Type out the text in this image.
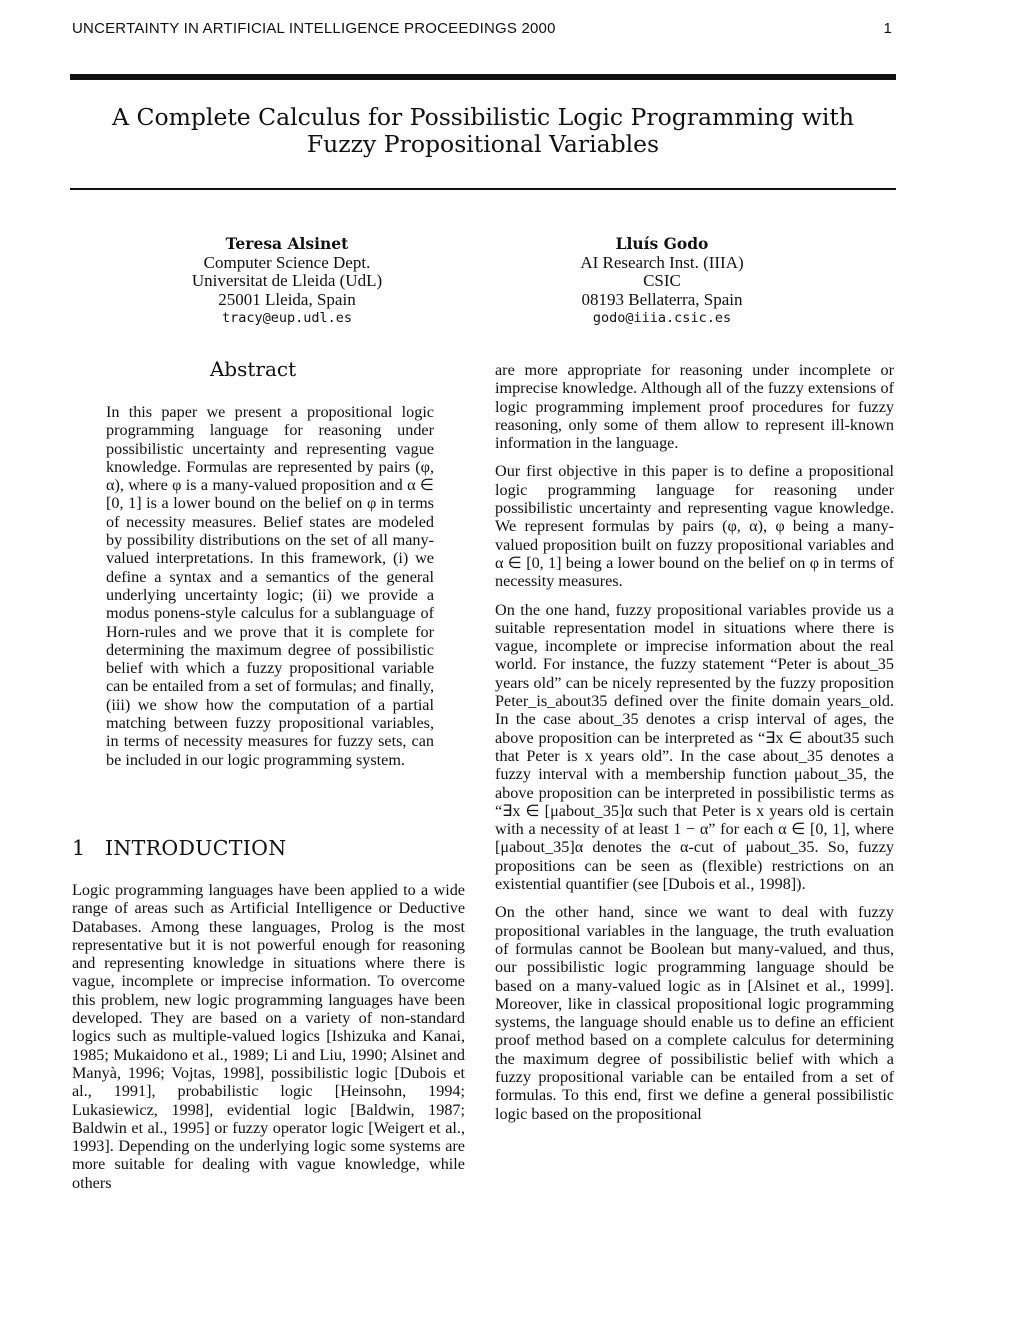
UNCERTAINTY IN ARTIFICIAL INTELLIGENCE PROCEEDINGS 2000	1
A Complete Calculus for Possibilistic Logic Programming with
Fuzzy Propositional Variables
Teresa Alsinet
Computer Science Dept.
Universitat de Lleida (UdL)
25001 Lleida, Spain
tracy@eup.udl.es
Lluís Godo
AI Research Inst. (IIIA)
CSIC
08193 Bellaterra, Spain
godo@iiia.csic.es
Abstract

In this paper we present a propositional logic programming language for reasoning under possibilistic uncertainty and representing vague knowledge. Formulas are represented by pairs (φ, α), where φ is a many-valued proposition and α ∈ [0, 1] is a lower bound on the belief on φ in terms of necessity measures. Belief states are modeled by possibility distributions on the set of all many-valued interpretations. In this framework, (i) we define a syntax and a semantics of the general underlying uncertainty logic; (ii) we provide a modus ponens-style calculus for a sublanguage of Horn-rules and we prove that it is complete for determining the maximum degree of possibilistic belief with which a fuzzy propositional variable can be entailed from a set of formulas; and finally, (iii) we show how the computation of a partial matching between fuzzy propositional variables, in terms of necessity measures for fuzzy sets, can be included in our logic programming system.

1 INTRODUCTION

Logic programming languages have been applied to a wide range of areas such as Artificial Intelligence or Deductive Databases. Among these languages, Prolog is the most representative but it is not powerful enough for reasoning and representing knowledge in situations where there is vague, incomplete or imprecise information. To overcome this problem, new logic programming languages have been developed. They are based on a variety of non-standard logics such as multiple-valued logics [Ishizuka and Kanai, 1985; Mukaidono et al., 1989; Li and Liu, 1990; Alsinet and Manyà, 1996; Vojtas, 1998], possibilistic logic [Dubois et al., 1991], probabilistic logic [Heinsohn, 1994; Lukasiewicz, 1998], evidential logic [Baldwin, 1987; Baldwin et al., 1995] or fuzzy operator logic [Weigert et al., 1993]. Depending on the underlying logic some systems are more suitable for dealing with vague knowledge, while others

are more appropriate for reasoning under incomplete or imprecise knowledge. Although all of the fuzzy extensions of logic programming implement proof procedures for fuzzy reasoning, only some of them allow to represent ill-known information in the language.

Our first objective in this paper is to define a propositional logic programming language for reasoning under possibilistic uncertainty and representing vague knowledge. We represent formulas by pairs (φ, α), φ being a many-valued proposition built on fuzzy propositional variables and α ∈ [0, 1] being a lower bound on the belief on φ in terms of necessity measures.

On the one hand, fuzzy propositional variables provide us a suitable representation model in situations where there is vague, incomplete or imprecise information about the real world. For instance, the fuzzy statement “Peter is about_35 years old” can be nicely represented by the fuzzy proposition Peter_is_about35 defined over the finite domain years_old. In the case about_35 denotes a crisp interval of ages, the above proposition can be interpreted as “∃x ∈ about35 such that Peter is x years old”. In the case about_35 denotes a fuzzy interval with a membership function μabout_35, the above proposition can be interpreted in possibilistic terms as “∃x ∈ [μabout_35]α such that Peter is x years old is certain with a necessity of at least 1 − α” for each α ∈ [0, 1], where [μabout_35]α denotes the α-cut of μabout_35. So, fuzzy propositions can be seen as (flexible) restrictions on an existential quantifier (see [Dubois et al., 1998]).

On the other hand, since we want to deal with fuzzy propositional variables in the language, the truth evaluation of formulas cannot be Boolean but many-valued, and thus, our possibilistic logic programming language should be based on a many-valued logic as in [Alsinet et al., 1999]. Moreover, like in classical propositional logic programming systems, the language should enable us to define an efficient proof method based on a complete calculus for determining the maximum degree of possibilistic belief with which a fuzzy propositional variable can be entailed from a set of formulas. To this end, first we define a general possibilistic logic based on the propositional
